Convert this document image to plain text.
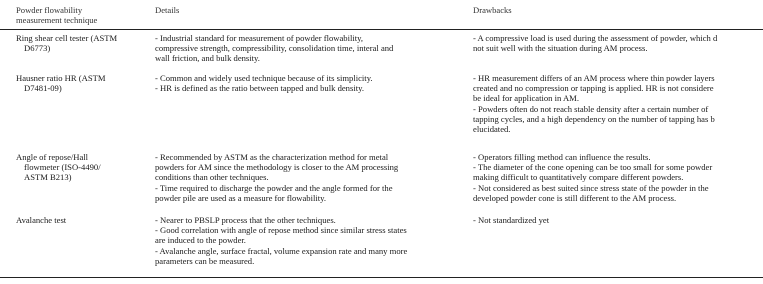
Powder flowability
measurement technique
Details	Drawbacks
Ring shear cell tester (ASTM
D6773)
- Industrial standard for measurement of powder flowability,
compressive strength, compressibility, consolidation time, interal and
wall friction, and bulk density.
- A compressive load is used during the assessment of powder, which d
not suit well with the situation during AM process.
Hausner ratio HR (ASTM
D7481-09)
- Common and widely used technique because of its simplicity.
- HR is defined as the ratio between tapped and bulk density.
- HR measurement differs of an AM process where thin powder layers
created and no compression or tapping is applied. HR is not considere
be ideal for application in AM.
- Powders often do not reach stable density after a certain number of
tapping cycles, and a high dependency on the number of tapping has b
elucidated.
Angle of repose/Hall
flowmeter (ISO-4490/
ASTM B213)
- Recommended by ASTM as the characterization method for metal
powders for AM since the methodology is closer to the AM processing
conditions than other techniques.
- Time required to discharge the powder and the angle formed for the
powder pile are used as a measure for flowability.
- Operators filling method can influence the results.
- The diameter of the cone opening can be too small for some powder
making difficult to quantitatively compare different powders.
- Not considered as best suited since stress state of the powder in the
developed powder cone is still different to the AM process.
Avalanche test	- Nearer to PBSLP process that the other techniques.
- Good correlation with angle of repose method since similar stress states
are induced to the powder.
- Avalanche angle, surface fractal, volume expansion rate and many more
parameters can be measured.
- Not standardized yet
